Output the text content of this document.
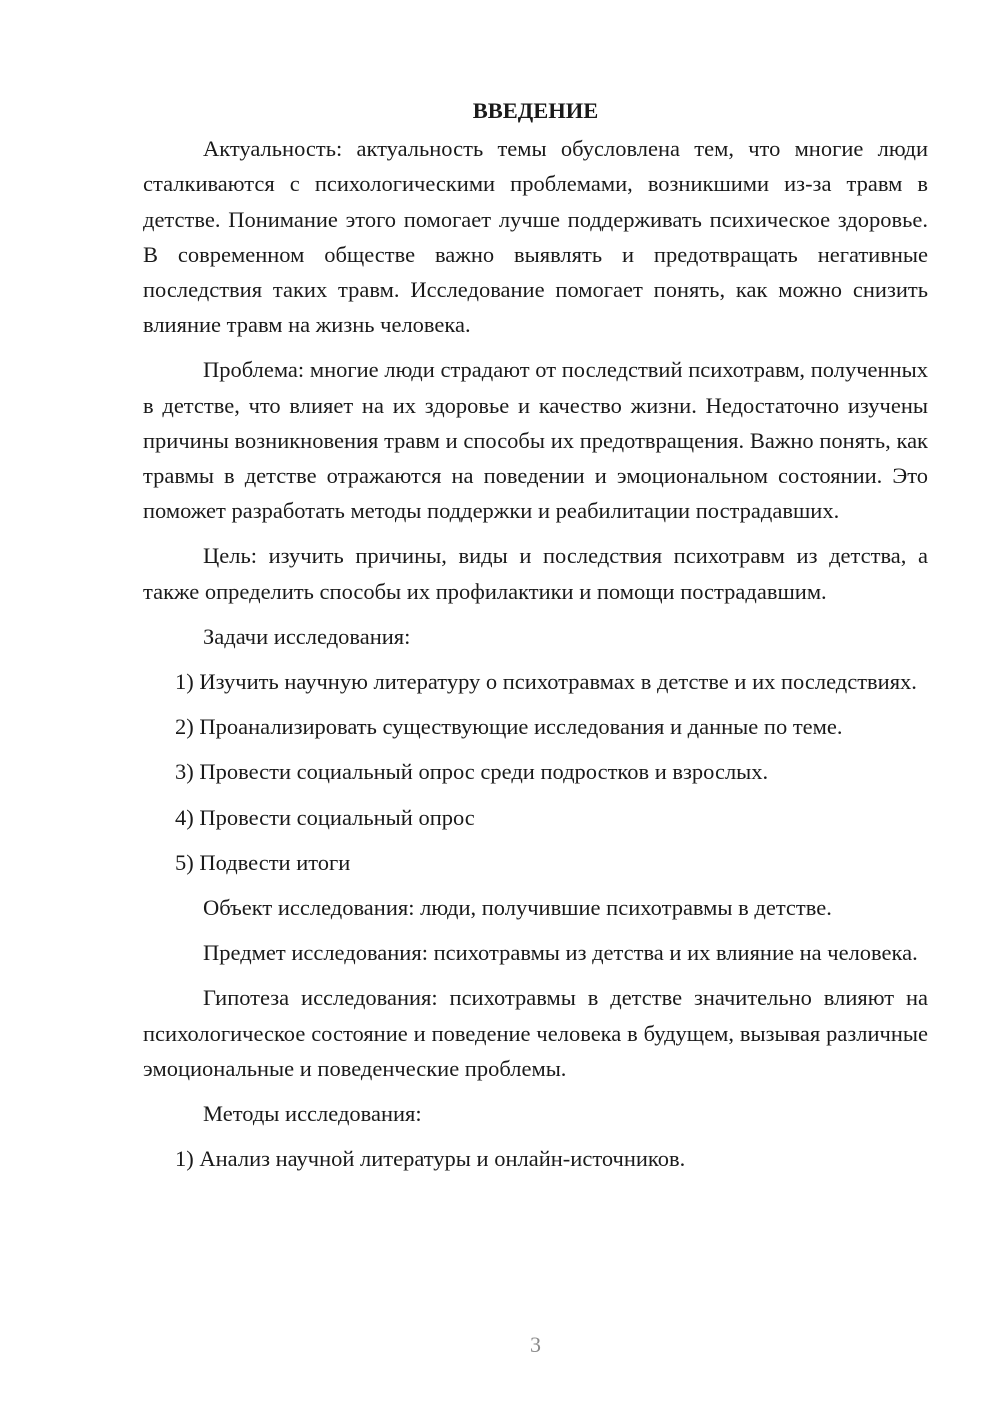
ВВЕДЕНИЕ

Актуальность: актуальность темы обусловлена тем, что многие люди сталкиваются с психологическими проблемами, возникшими из-за травм в детстве. Понимание этого помогает лучше поддерживать психическое здоровье. В современном обществе важно выявлять и предотвращать негативные последствия таких травм. Исследование помогает понять, как можно снизить влияние травм на жизнь человека.

Проблема: многие люди страдают от последствий психотравм, полученных в детстве, что влияет на их здоровье и качество жизни. Недостаточно изучены причины возникновения травм и способы их предотвращения. Важно понять, как травмы в детстве отражаются на поведении и эмоциональном состоянии. Это поможет разработать методы поддержки и реабилитации пострадавших.

Цель: изучить причины, виды и последствия психотравм из детства, а также определить способы их профилактики и помощи пострадавшим.

Задачи исследования:

1) Изучить научную литературу о психотравмах в детстве и их последствиях.

2) Проанализировать существующие исследования и данные по теме.

3) Провести социальный опрос среди подростков и взрослых.

4) Провести социальный опрос

5) Подвести итоги

Объект исследования: люди, получившие психотравмы в детстве.

Предмет исследования: психотравмы из детства и их влияние на человека.

Гипотеза исследования: психотравмы в детстве значительно влияют на психологическое состояние и поведение человека в будущем, вызывая различные эмоциональные и поведенческие проблемы.

Методы исследования:

1) Анализ научной литературы и онлайн-источников.

3
